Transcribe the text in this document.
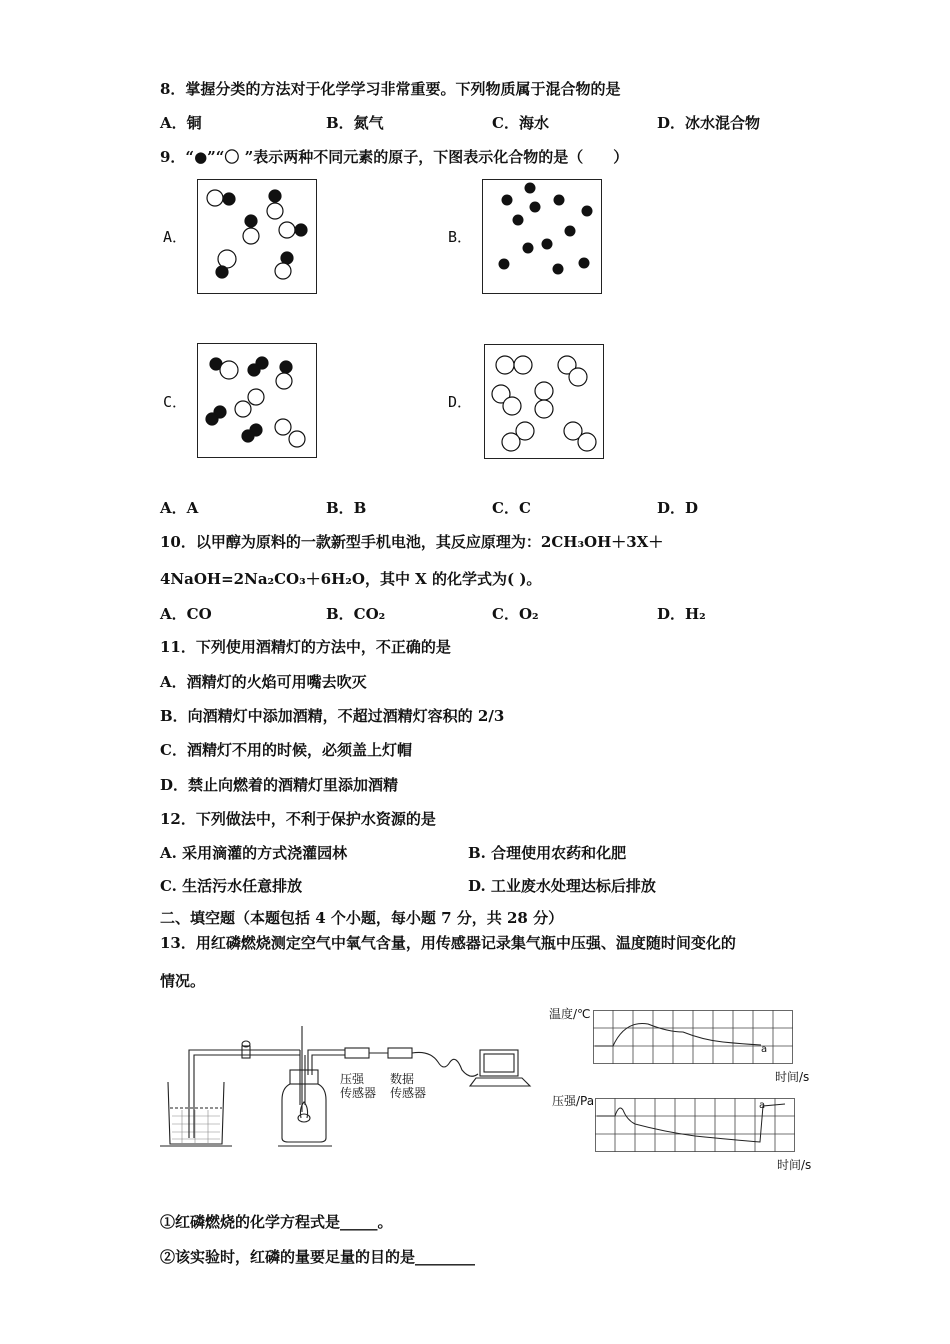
8．掌握分类的方法对于化学学习非常重要。下列物质属于混合物的是
A．铜	B．氮气	C．海水	D．冰水混合物
9．“●”“〇 ”表示两种不同元素的原子，下图表示化合物的是（　　）
A．	B．
C．	D．
A．A	B．B	C．C	D．D
10．以甲醇为原料的一款新型手机电池，其反应原理为：2CH₃OH＋3X＋
4NaOH=2Na₂CO₃＋6H₂O，其中 X 的化学式为( )。
A．CO	B．CO₂	C．O₂	D．H₂
11．下列使用酒精灯的方法中，不正确的是
A．酒精灯的火焰可用嘴去吹灭
B．向酒精灯中添加酒精，不超过酒精灯容积的 2/3
C．酒精灯不用的时候，必须盖上灯帽
D．禁止向燃着的酒精灯里添加酒精
12．下列做法中，不利于保护水资源的是
A. 采用滴灌的方式浇灌园林	B. 合理使用农药和化肥
C. 生活污水任意排放	D. 工业废水处理达标后排放
二、填空题（本题包括 4 个小题，每小题 7 分，共 28 分）
13．用红磷燃烧测定空气中氧气含量，用传感器记录集气瓶中压强、温度随时间变化的
情况。
压强
传感器
数据
传感器
温度/℃
a
时间/s
压强/Pa	a
时间/s
①红磷燃烧的化学方程式是_____。
②该实验时，红磷的量要足量的目的是________
